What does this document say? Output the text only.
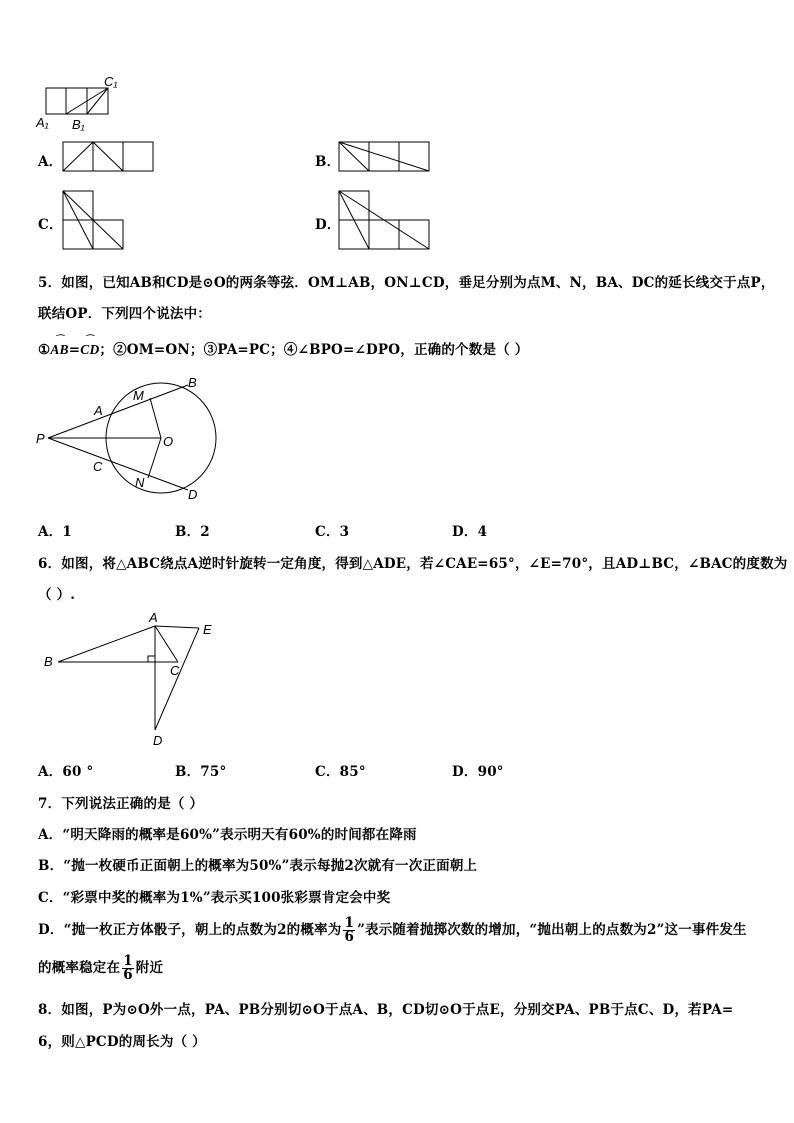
C₁
A₁ B₁
A．	B．
C．	D．
5．如图，已知AB和CD是⊙O的两条等弦．OM⊥AB，ON⊥CD，垂足分别为点M、N，BA、DC的延长线交于点P，
联结OP．下列四个说法中：
①AB
⌒
=CD
⌒
；②OM=ON；③PA=PC；④∠BPO=∠DPO，正确的个数是（ ）
P
A
B
M
O
C
N
D
A．1	B．2	C．3	D．4
6．如图，将△ABC绕点A逆时针旋转一定角度，得到△ADE，若∠CAE=65°，∠E=70°，且AD⊥BC，∠BAC的度数为
（ ）.
A
E
B
C
D
A．60 °	B．75°	C．85°	D．90°
7．下列说法正确的是（ ）
A．“明天降雨的概率是60%”表示明天有60%的时间都在降雨
B．“抛一枚硬币正面朝上的概率为50%”表示每抛2次就有一次正面朝上
C．“彩票中奖的概率为1%”表示买100张彩票肯定会中奖
D．“抛一枚正方体骰子，朝上的点数为2的概率为 $\frac{1}{6}$ ”表示随着抛掷次数的增加，“抛出朝上的点数为2”这一事件发生
的概率稳定在 $\frac{1}{6}$ 附近
8．如图，P为⊙O外一点，PA、PB分别切⊙O于点A、B，CD切⊙O于点E，分别交PA、PB于点C、D，若PA=
6，则△PCD的周长为（ ）
